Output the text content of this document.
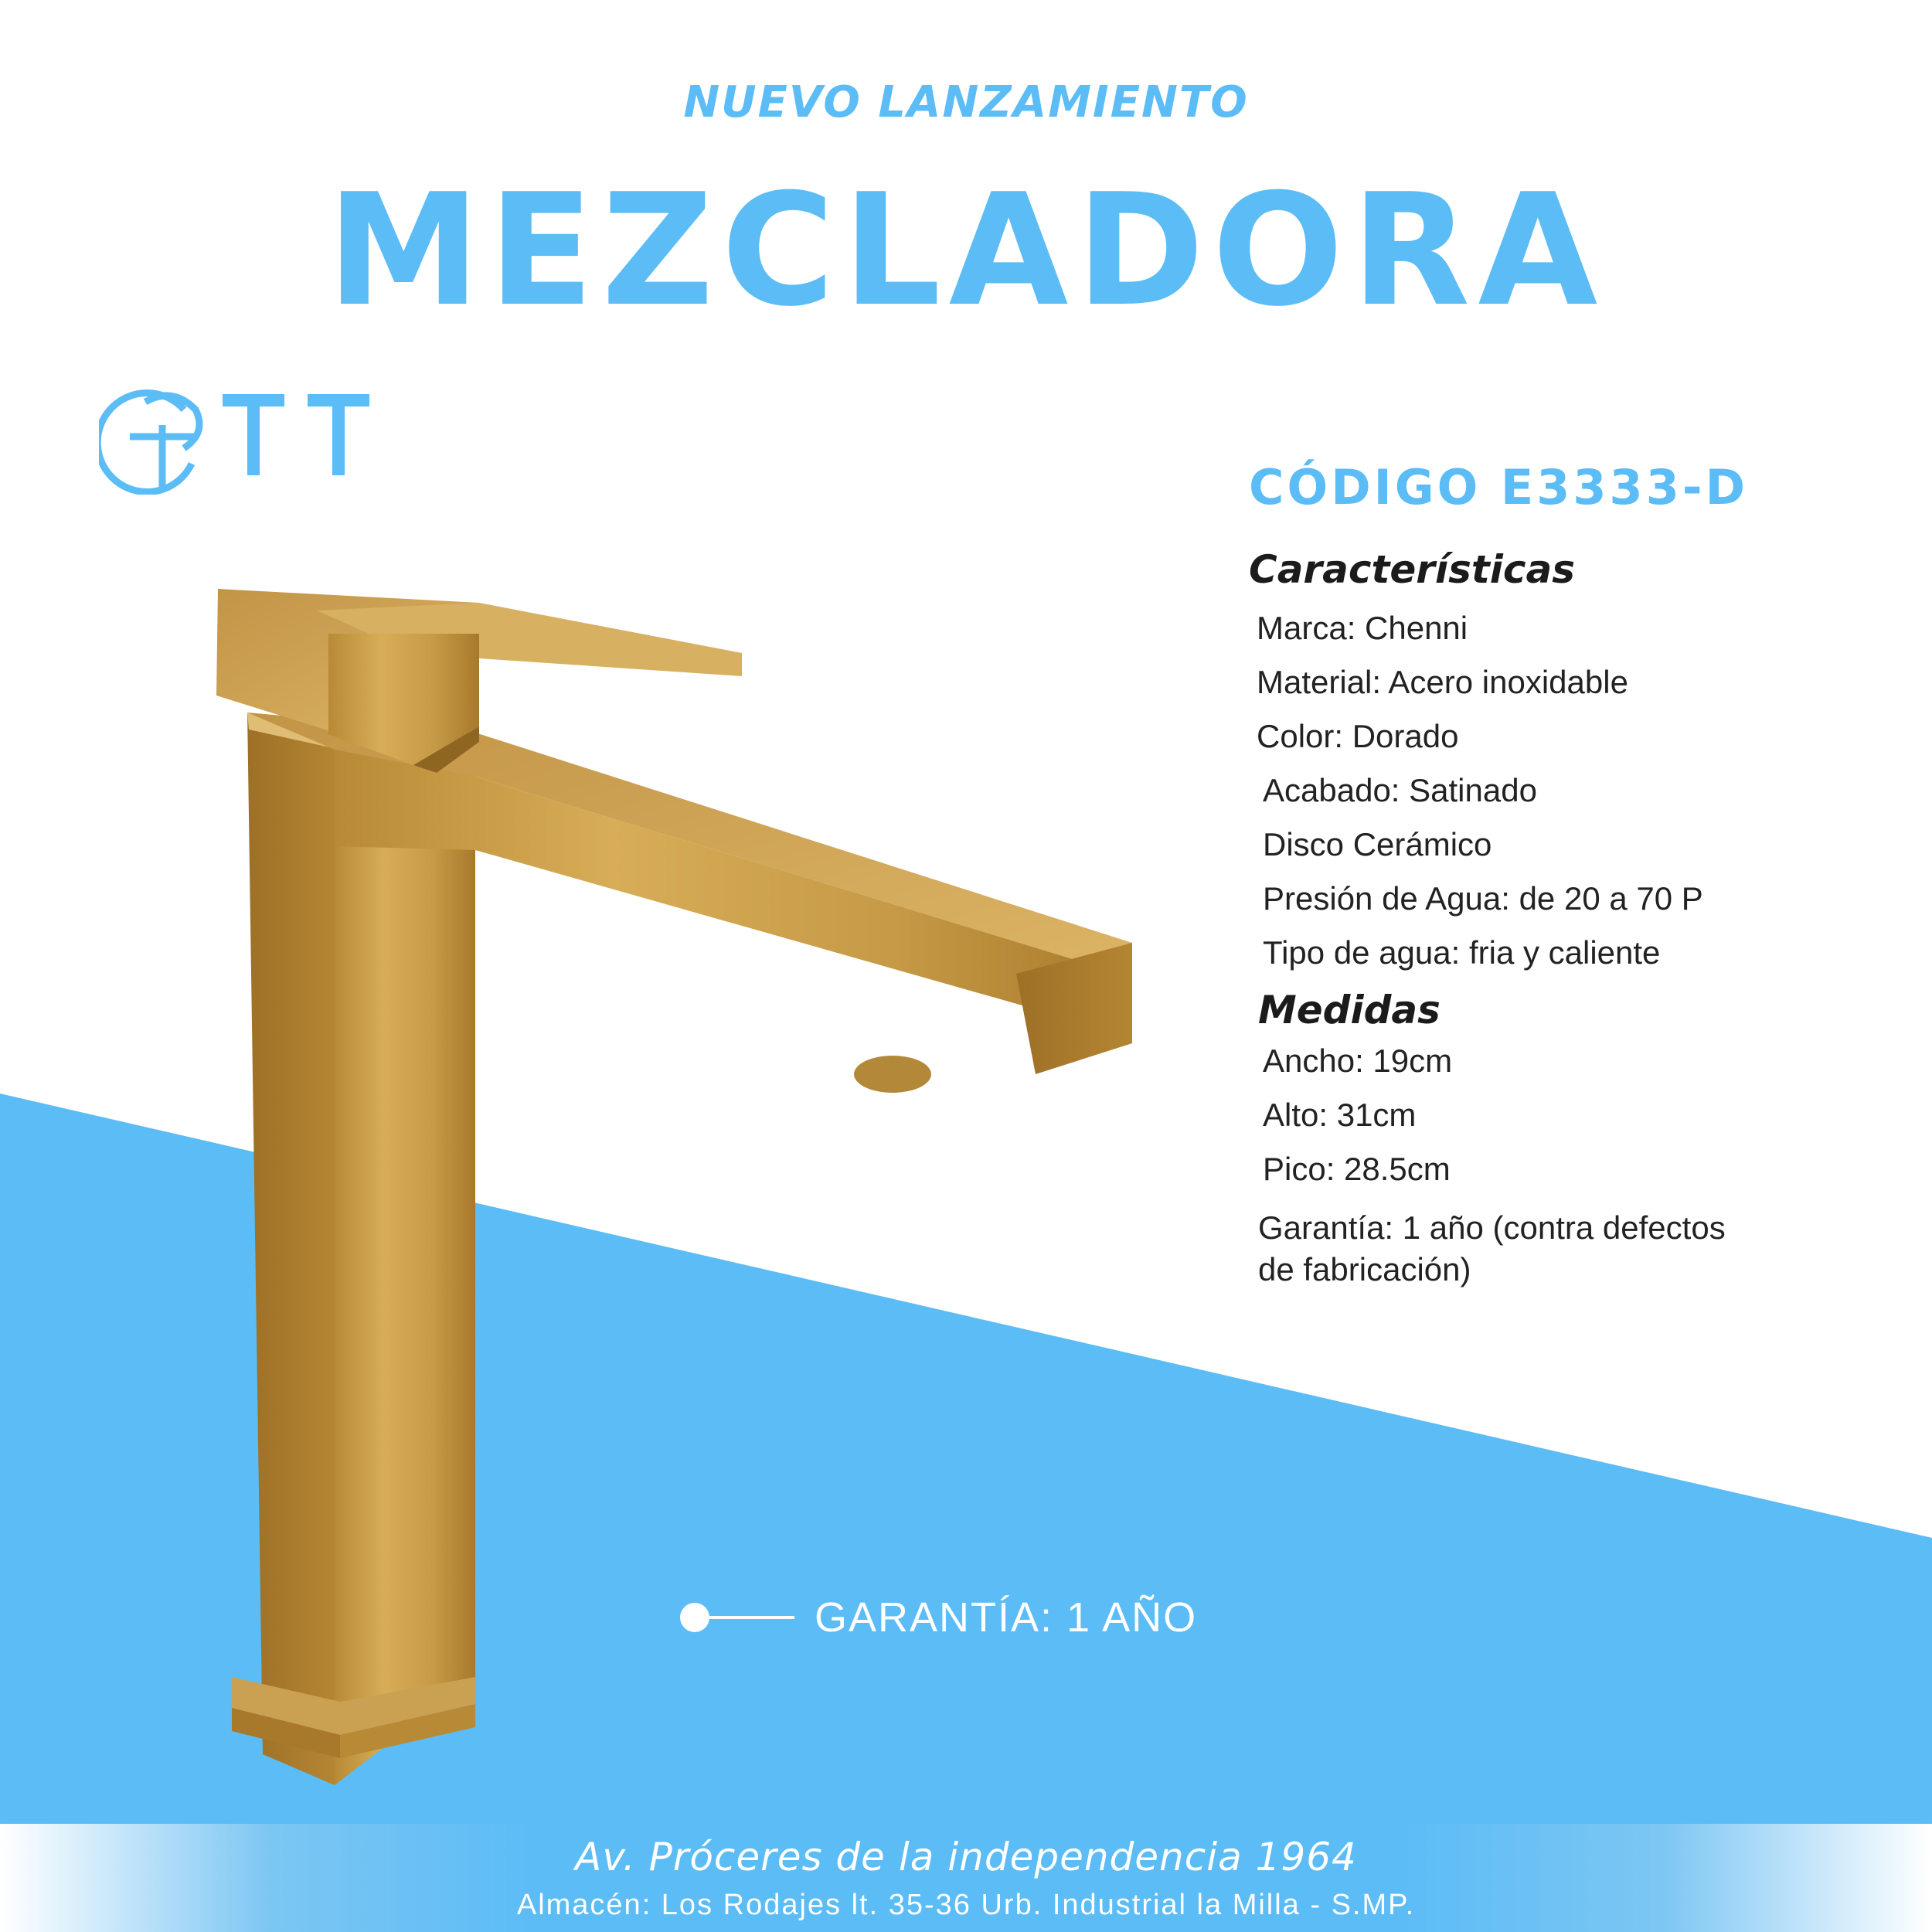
NUEVO LANZAMIENTO
MEZCLADORA
CÓDIGO E3333-D
Características
Marca: Chenni
Material: Acero inoxidable
Color: Dorado
Acabado: Satinado
Disco Cerámico
Presión de Agua: de 20 a 70 P
Tipo de agua: fria y caliente
Medidas
Ancho: 19cm
Alto: 31cm
Pico: 28.5cm
Garantía: 1 año (contra defectos
de fabricación)
GARANTÍA: 1 AÑO
Av. Próceres de la independencia 1964
Almacén: Los Rodajes lt. 35-36 Urb. Industrial la Milla - S.MP.
